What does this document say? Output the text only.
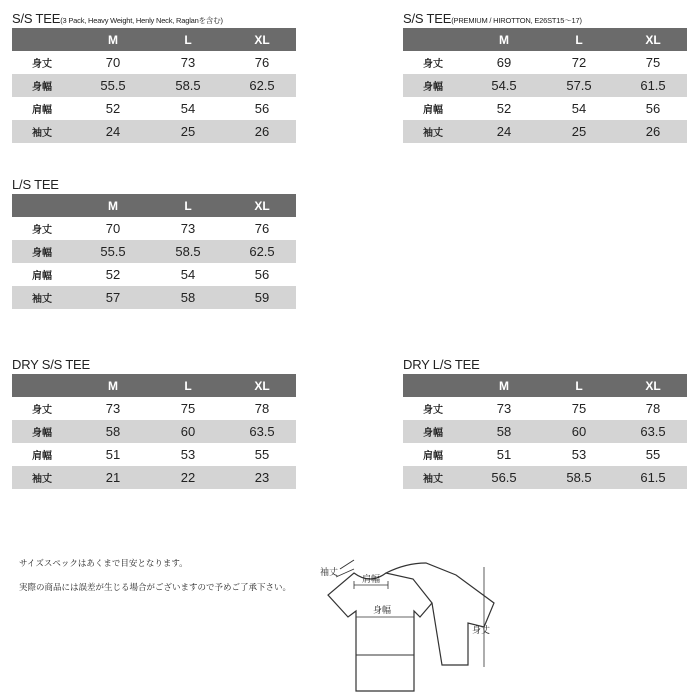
S/S TEE(3 Pack, Heavy Weight, Henly Neck, Raglanを含む)
	M	L	XL
身丈	70	73	76
身幅	55.5	58.5	62.5
肩幅	52	54	56
袖丈	24	25	26
S/S TEE(PREMIUM / HIROTTON, E26ST15〜17)
	M	L	XL
身丈	69	72	75
身幅	54.5	57.5	61.5
肩幅	52	54	56
袖丈	24	25	26
L/S TEE
	M	L	XL
身丈	70	73	76
身幅	55.5	58.5	62.5
肩幅	52	54	56
袖丈	57	58	59
DRY S/S TEE
	M	L	XL
身丈	73	75	78
身幅	58	60	63.5
肩幅	51	53	55
袖丈	21	22	23
DRY L/S TEE
	M	L	XL
身丈	73	75	78
身幅	58	60	63.5
肩幅	51	53	55
袖丈	56.5	58.5	61.5
サイズスペックはあくまで目安となります。
実際の商品には誤差が生じる場合がございますので予めご了承下さい。
袖丈
肩幅
身幅
身丈
